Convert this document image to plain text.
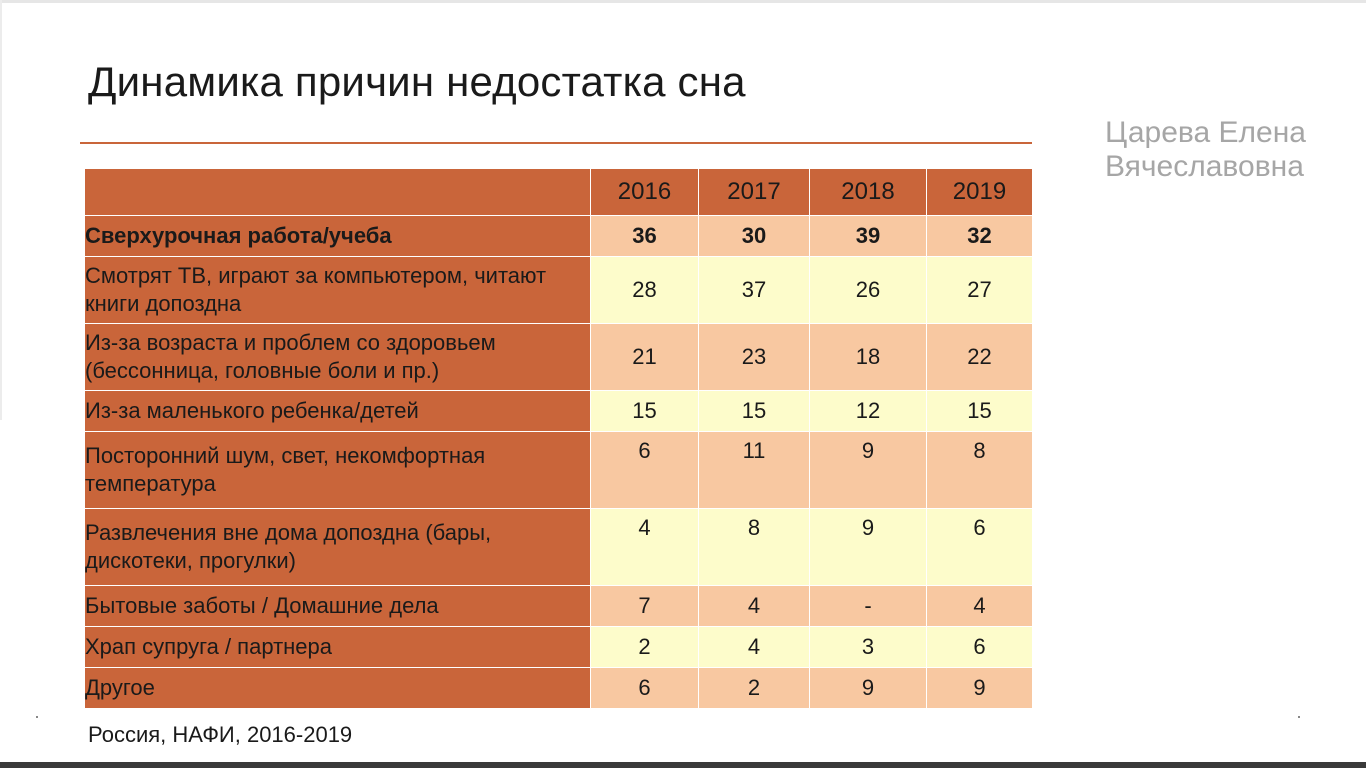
Динамика причин недостатка сна
Царева Елена
Вячеславовна
	2016	2017	2018	2019
Сверхурочная работа/учеба	36	30	39	32
Смотрят ТВ, играют за компьютером, читают книги допоздна	28	37	26	27
Из-за возраста и проблем со здоровьем (бессонница, головные боли и пр.)	21	23	18	22
Из-за маленького ребенка/детей	15	15	12	15
Посторонний шум, свет, некомфортная температура	6	11	9	8
Развлечения вне дома допоздна (бары, дискотеки, прогулки)	4	8	9	6
Бытовые заботы / Домашние дела	7	4	-	4
Храп супруга / партнера	2	4	3	6
Другое	6	2	9	9
Россия, НАФИ, 2016-2019
